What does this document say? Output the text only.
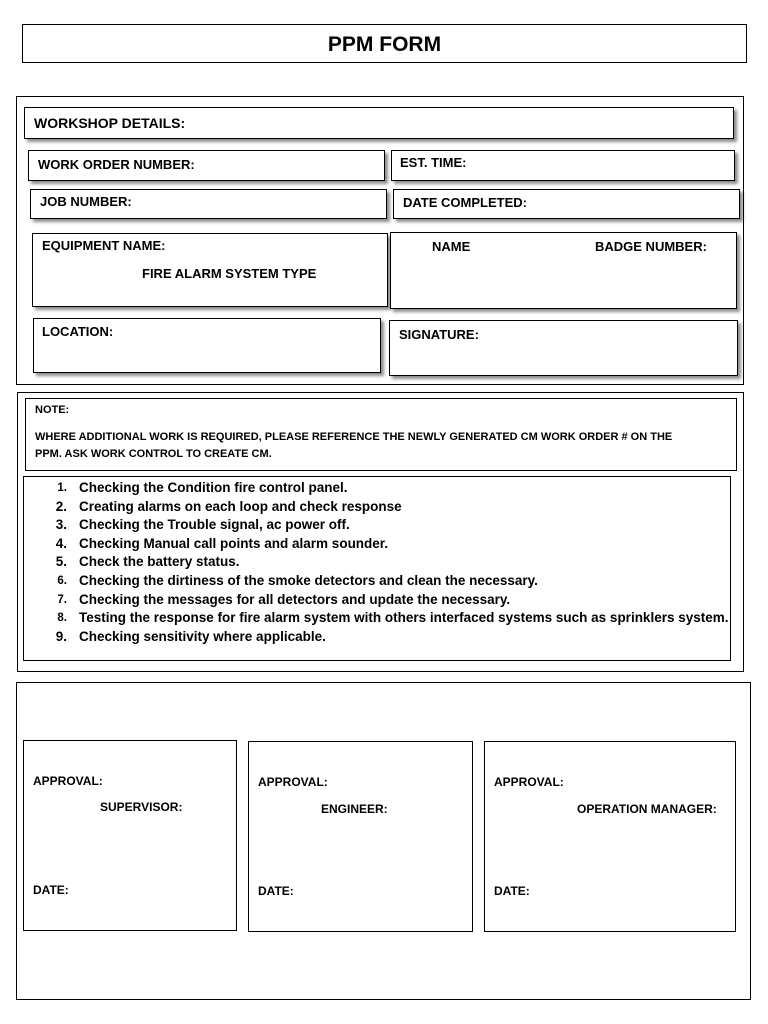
PPM FORM
WORKSHOP DETAILS:
WORK ORDER NUMBER:	EST. TIME:
JOB NUMBER:	DATE COMPLETED:
EQUIPMENT NAME:
FIRE ALARM SYSTEM TYPE
NAME	BADGE NUMBER:
LOCATION:	SIGNATURE:
NOTE:
WHERE ADDITIONAL WORK IS REQUIRED, PLEASE REFERENCE THE NEWLY GENERATED CM WORK ORDER # ON THE
PPM. ASK WORK CONTROL TO CREATE CM.
1. Checking the Condition fire control panel.
2. Creating alarms on each loop and check response
3. Checking the Trouble signal, ac power off.
4. Checking Manual call points and alarm sounder.
5. Check the battery status.
6. Checking the dirtiness of the smoke detectors and clean the necessary.
7. Checking the messages for all detectors and update the necessary.
8. Testing the response for fire alarm system with others interfaced systems such as sprinklers system.
9. Checking sensitivity where applicable.
APPROVAL:
SUPERVISOR:
DATE:
APPROVAL:
ENGINEER:
DATE:
APPROVAL:
OPERATION MANAGER:
DATE:
